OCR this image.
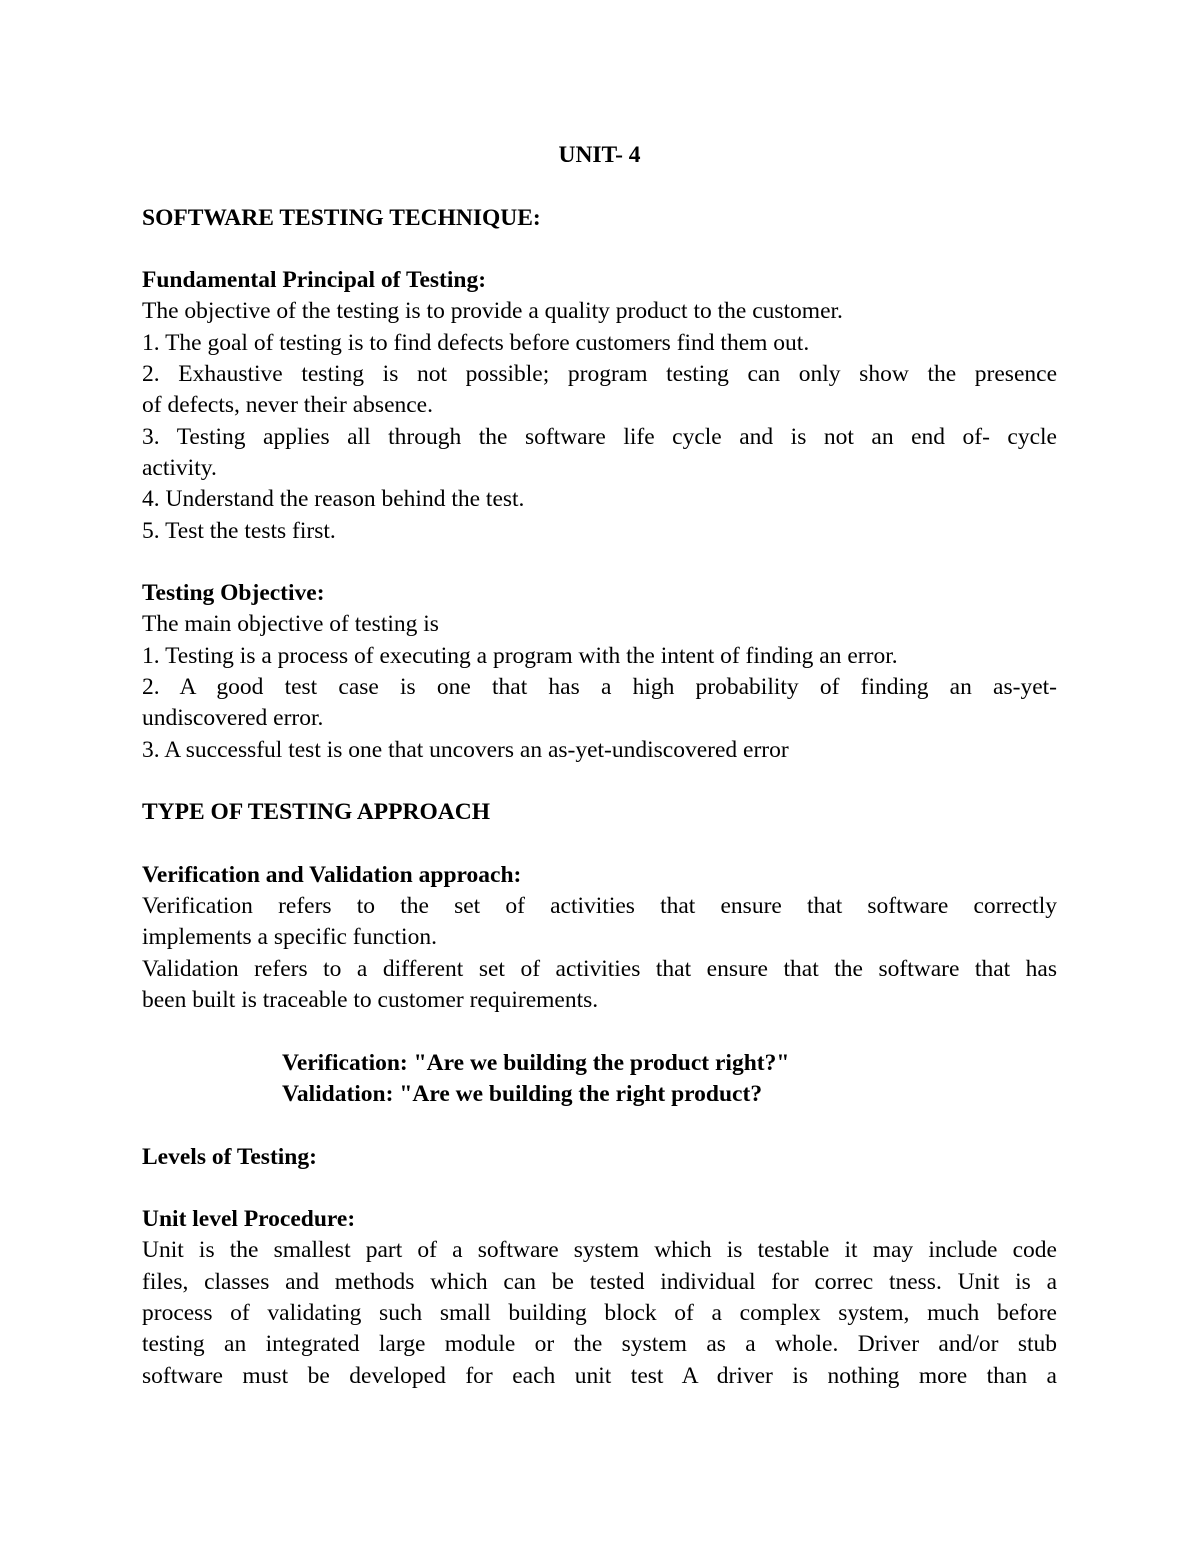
UNIT- 4
SOFTWARE TESTING TECHNIQUE:
Fundamental Principal of Testing:
The objective of the testing is to provide a quality product to the customer.
1. The goal of testing is to find defects before customers find them out.
2. Exhaustive testing is not possible; program testing can only show the presence
of defects, never their absence.
3. Testing applies all through the software life cycle and is not an end of- cycle
activity.
4. Understand the reason behind the test.
5. Test the tests first.
Testing Objective:
The main objective of testing is
1. Testing is a process of executing a program with the intent of finding an error.
2. A good test case is one that has a high probability of finding an as-yet-
undiscovered error.
3. A successful test is one that uncovers an as-yet-undiscovered error
TYPE OF TESTING APPROACH
Verification and Validation approach:
Verification refers to the set of activities that ensure that software correctly
implements a specific function.
Validation refers to a different set of activities that ensure that the software that has
been built is traceable to customer requirements.
Verification: "Are we building the product right?"
Validation: "Are we building the right product?
Levels of Testing:
Unit level Procedure:
Unit is the smallest part of a software system which is testable it may include code
files, classes and methods which can be tested individual for correc tness. Unit is a
process of validating such small building block of a complex system, much before
testing an integrated large module or the system as a whole. Driver and/or stub
software must be developed for each unit test A driver is nothing more than a
